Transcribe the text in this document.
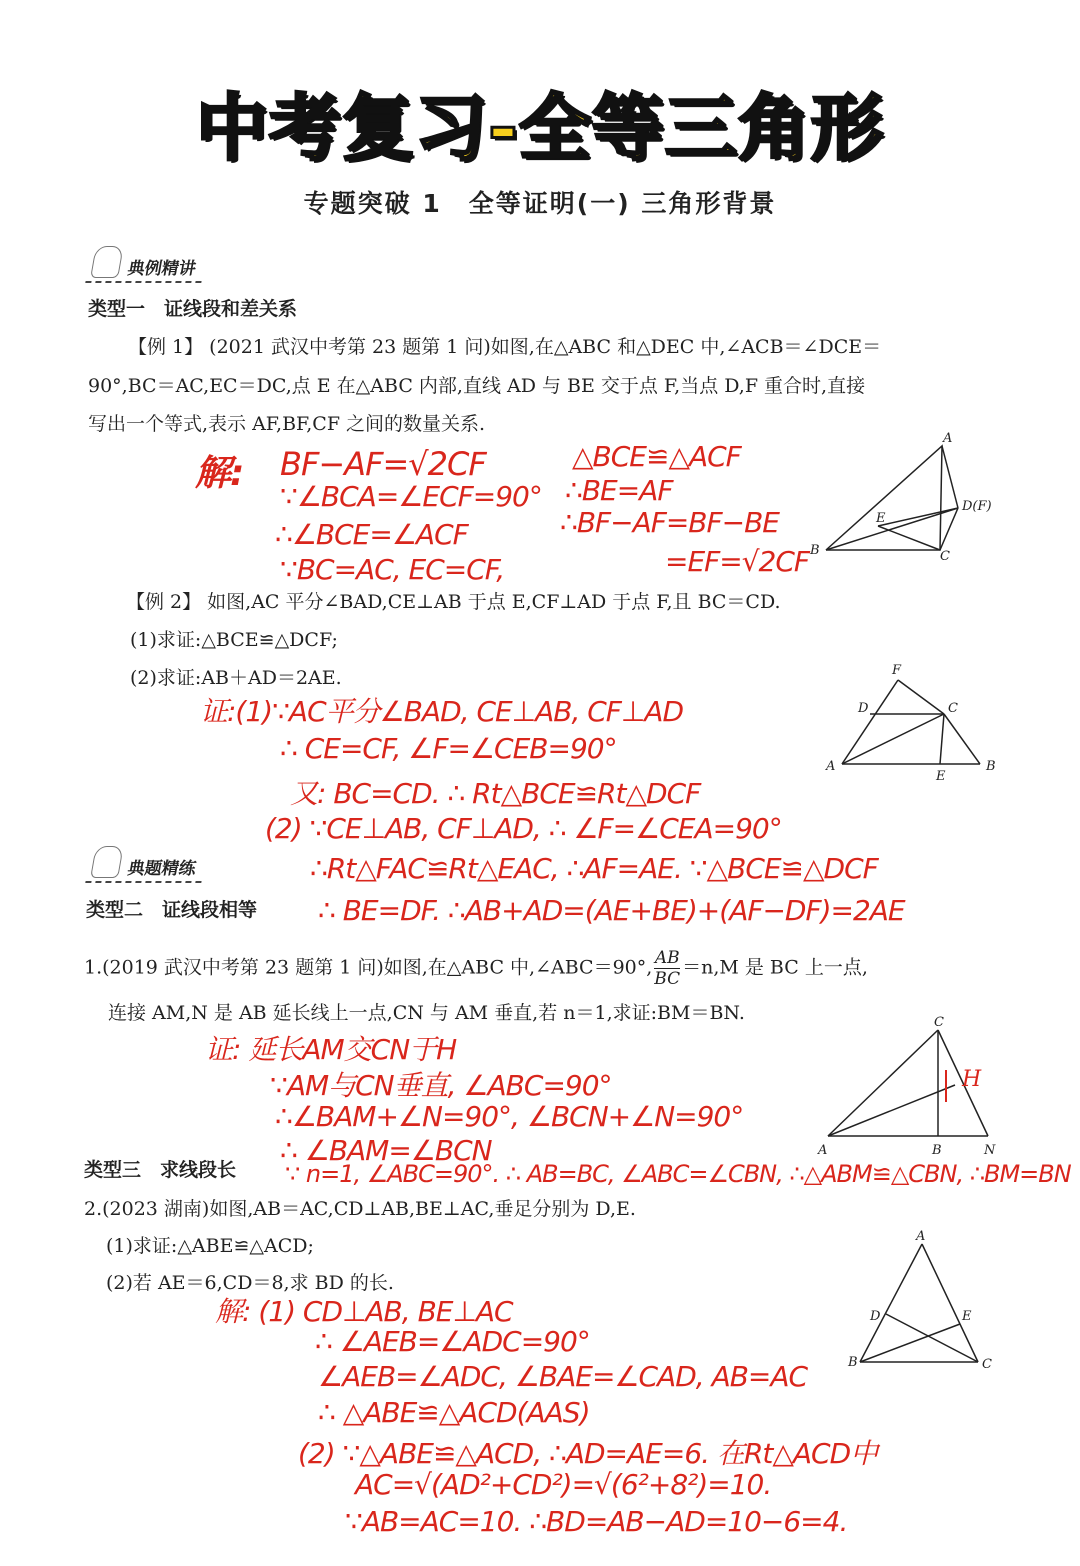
中考复习-全等三角形
专题突破 1　全等证明(一) 三角形背景
典例精讲
类型一　证线段和差关系
【例 1】 (2021 武汉中考第 23 题第 1 问)如图,在△ABC 和△DEC 中,∠ACB＝∠DCE＝
90°,BC＝AC,EC＝DC,点 E 在△ABC 内部,直线 AD 与 BE 交于点 F,当点 D,F 重合时,直接
写出一个等式,表示 AF,BF,CF 之间的数量关系.
解: BF−AF=√2CF
∵∠BCA=∠ECF=90°
∴∠BCE=∠ACF
∵BC=AC, EC=CF,
△BCE≌△ACF
∴BE=AF
∴BF−AF=BF−BE
=EF=√2CF
A
D(F)
E
B	C
【例 2】 如图,AC 平分∠BAD,CE⊥AB 于点 E,CF⊥AD 于点 F,且 BC＝CD.
(1)求证:△BCE≌△DCF;
(2)求证:AB＋AD＝2AE.
证:(1)∵AC平分∠BAD, CE⊥AB, CF⊥AD
∴ CE=CF, ∠F=∠CEB=90°
又: BC=CD. ∴ Rt△BCE≌Rt△DCF
(2) ∵CE⊥AB, CF⊥AD, ∴ ∠F=∠CEA=90°
∴Rt△FAC≌Rt△EAC, ∴AF=AE. ∵△BCE≌△DCF
∴ BE=DF. ∴AB+AD=(AE+BE)+(AF−DF)=2AE
F
D	C
A
E
B
典题精练
类型二　证线段相等
1.(2019 武汉中考第 23 题第 1 问)如图,在△ABC 中,∠ABC＝90°, $\frac{AB}{BC} =n,M$ 是 BC 上一点,
连接 AM,N 是 AB 延长线上一点,CN 与 AM 垂直,若 n＝1,求证:BM＝BN.
证: 延长AM交CN于H
∵AM与CN垂直, ∠ABC=90°
∴∠BAM+∠N=90°, ∠BCN+∠N=90°
∴ ∠BAM=∠BCN
∵ n=1, ∠ABC=90°. ∴ AB=BC, ∠ABC=∠CBN, ∴△ABM≌△CBN, ∴BM=BN
C
H
A	B	N
类型三　求线段长
2.(2023 湖南)如图,AB＝AC,CD⊥AB,BE⊥AC,垂足分别为 D,E.
(1)求证:△ABE≌△ACD;
(2)若 AE＝6,CD＝8,求 BD 的长.
解: (1) CD⊥AB, BE⊥AC
∴ ∠AEB=∠ADC=90°
∠AEB=∠ADC, ∠BAE=∠CAD, AB=AC
∴ △ABE≌△ACD(AAS)
(2) ∵△ABE≌△ACD, ∴AD=AE=6. 在Rt△ACD中
AC=√(AD²+CD²)=√(6²+8²)=10.
∵AB=AC=10. ∴BD=AB−AD=10−6=4.
A
D	E
B	C
